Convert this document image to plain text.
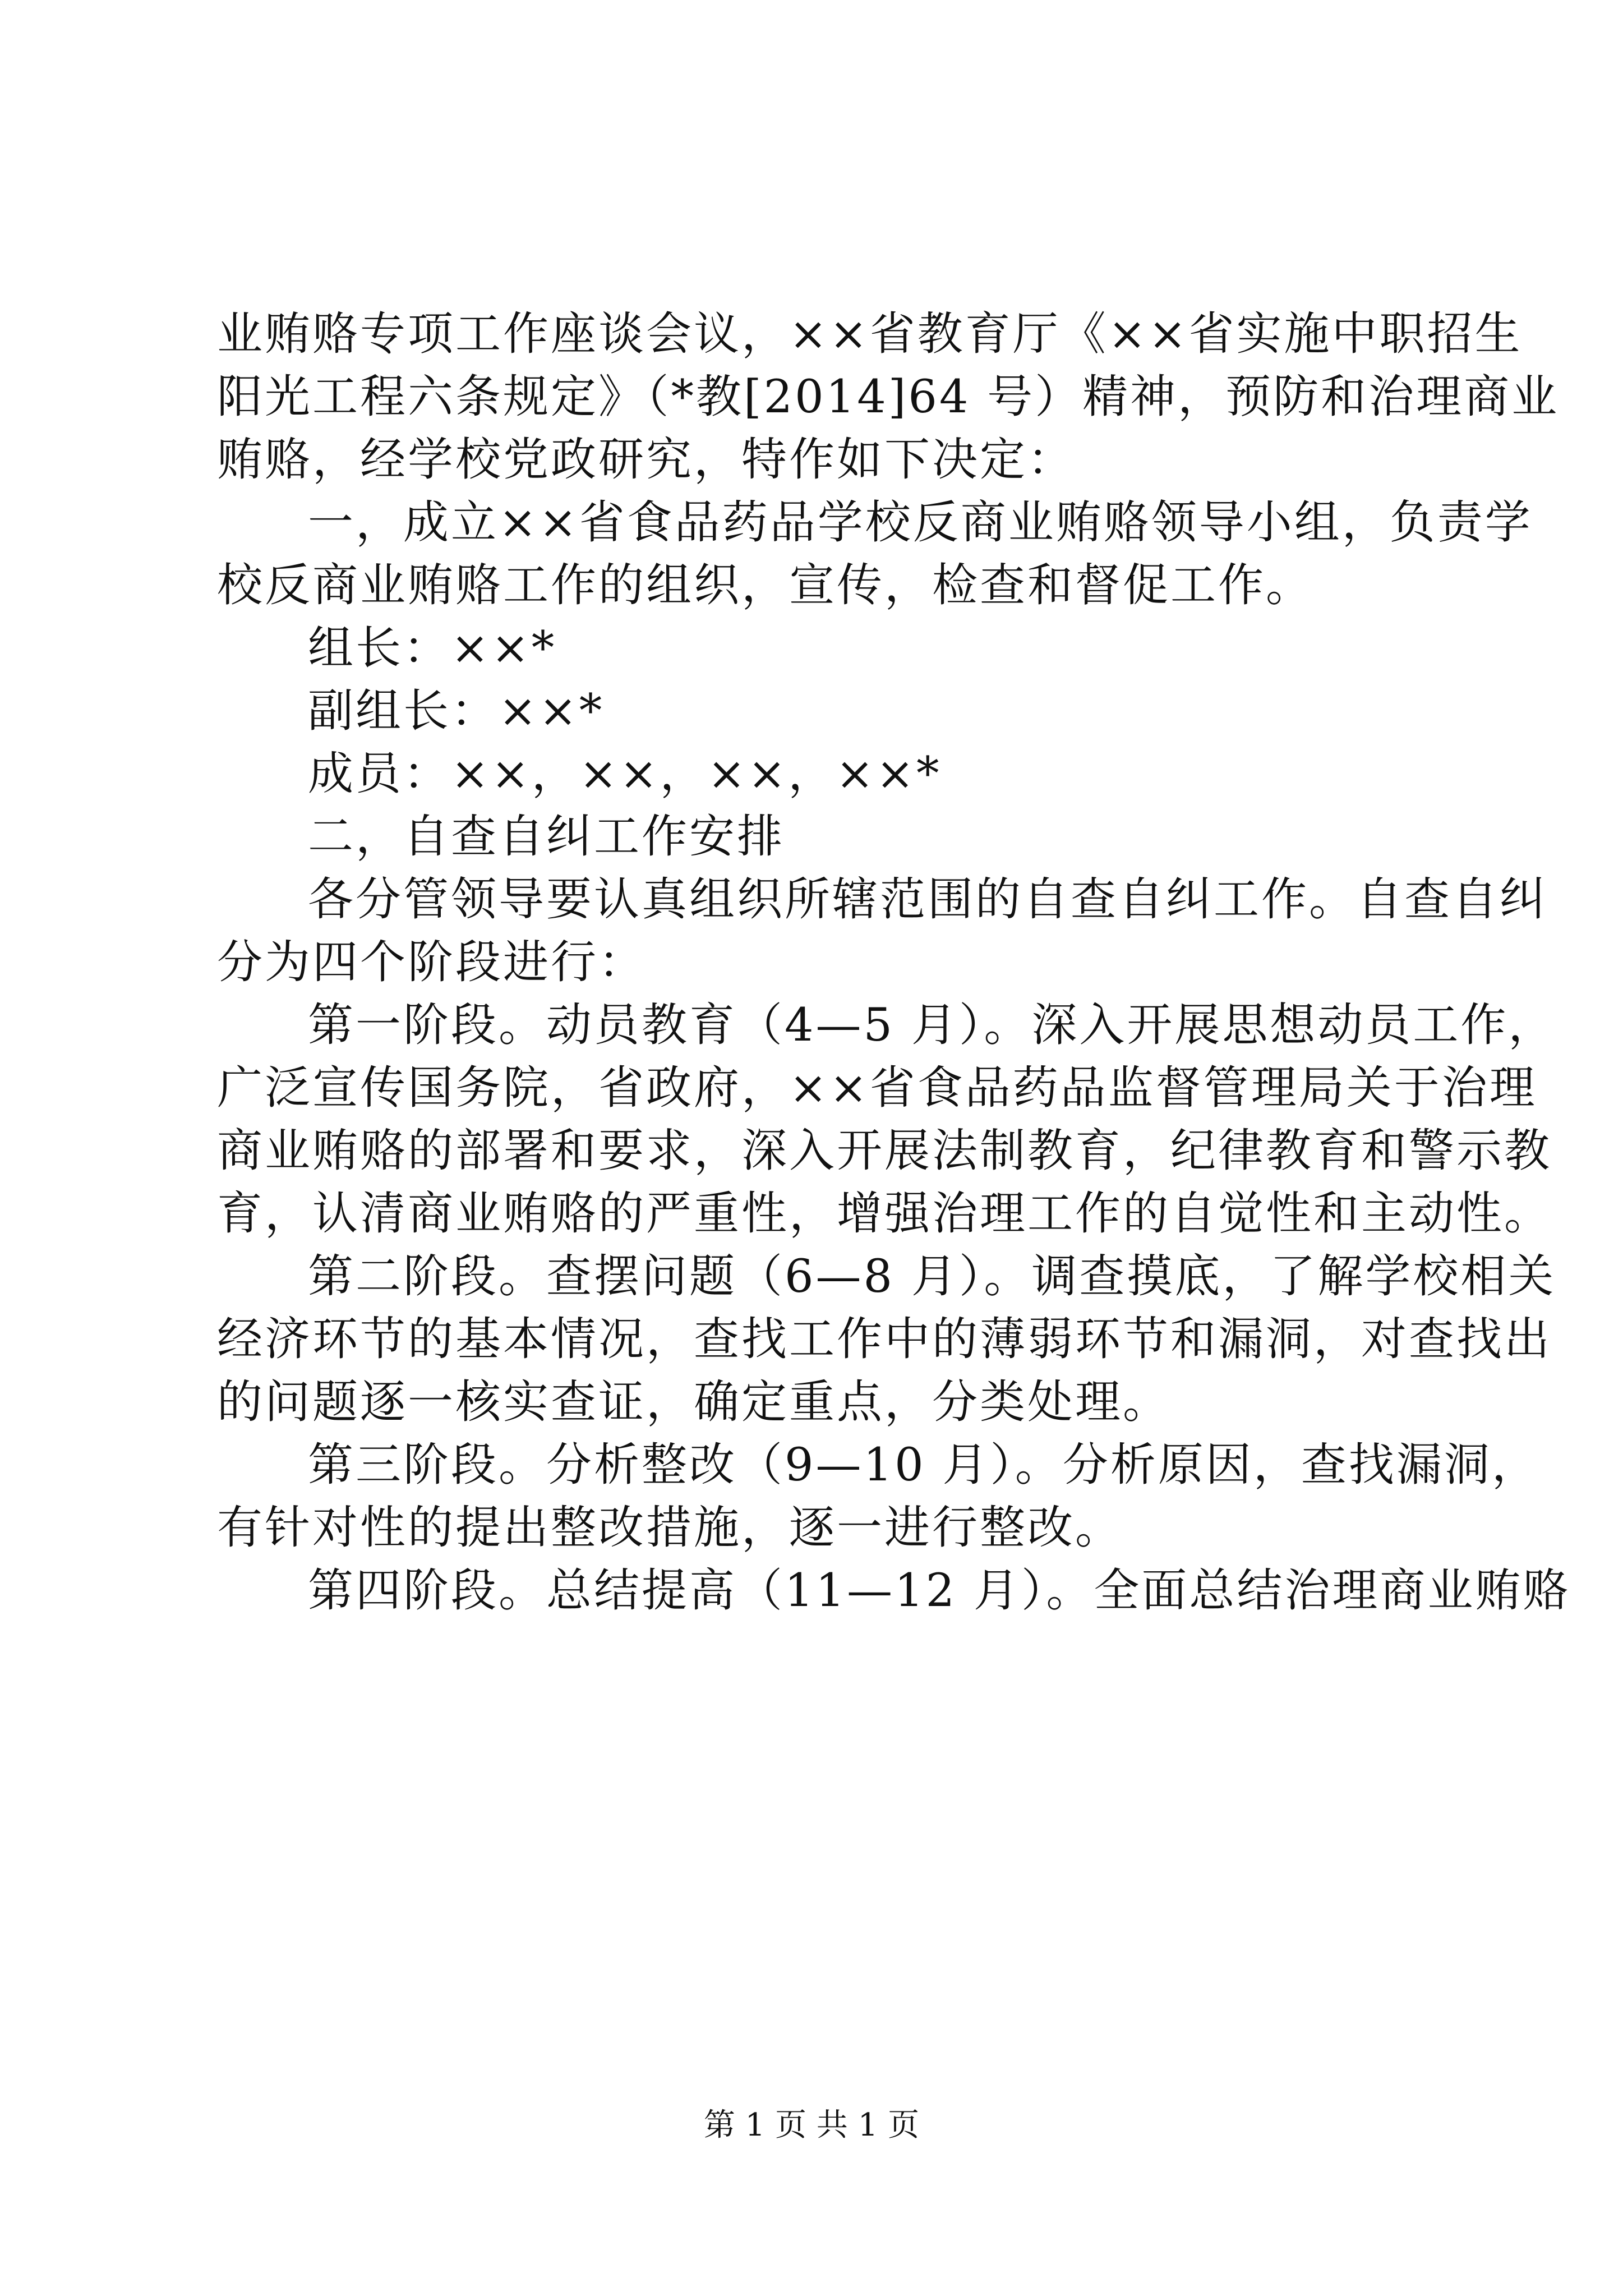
业贿赂专项工作座谈会议，××省教育厅《××省实施中职招生

阳光工程六条规定》（*教[2014]64 号）精神，预防和治理商业

贿赂，经学校党政研究，特作如下决定：

一，成立××省食品药品学校反商业贿赂领导小组，负责学

校反商业贿赂工作的组织，宣传，检查和督促工作。

组长：××*

副组长：××*

成员：××，××，××，××*

二，自查自纠工作安排

各分管领导要认真组织所辖范围的自查自纠工作。自查自纠

分为四个阶段进行：

第一阶段。动员教育（4—5 月）。深入开展思想动员工作，

广泛宣传国务院，省政府，××省食品药品监督管理局关于治理

商业贿赂的部署和要求，深入开展法制教育，纪律教育和警示教

育，认清商业贿赂的严重性，增强治理工作的自觉性和主动性。

第二阶段。查摆问题（6—8 月）。调查摸底，了解学校相关

经济环节的基本情况，查找工作中的薄弱环节和漏洞，对查找出

的问题逐一核实查证，确定重点，分类处理。

第三阶段。分析整改（9—10 月）。分析原因，查找漏洞，

有针对性的提出整改措施，逐一进行整改。

第四阶段。总结提高（11—12 月）。全面总结治理商业贿赂

第 1 页 共 1 页
